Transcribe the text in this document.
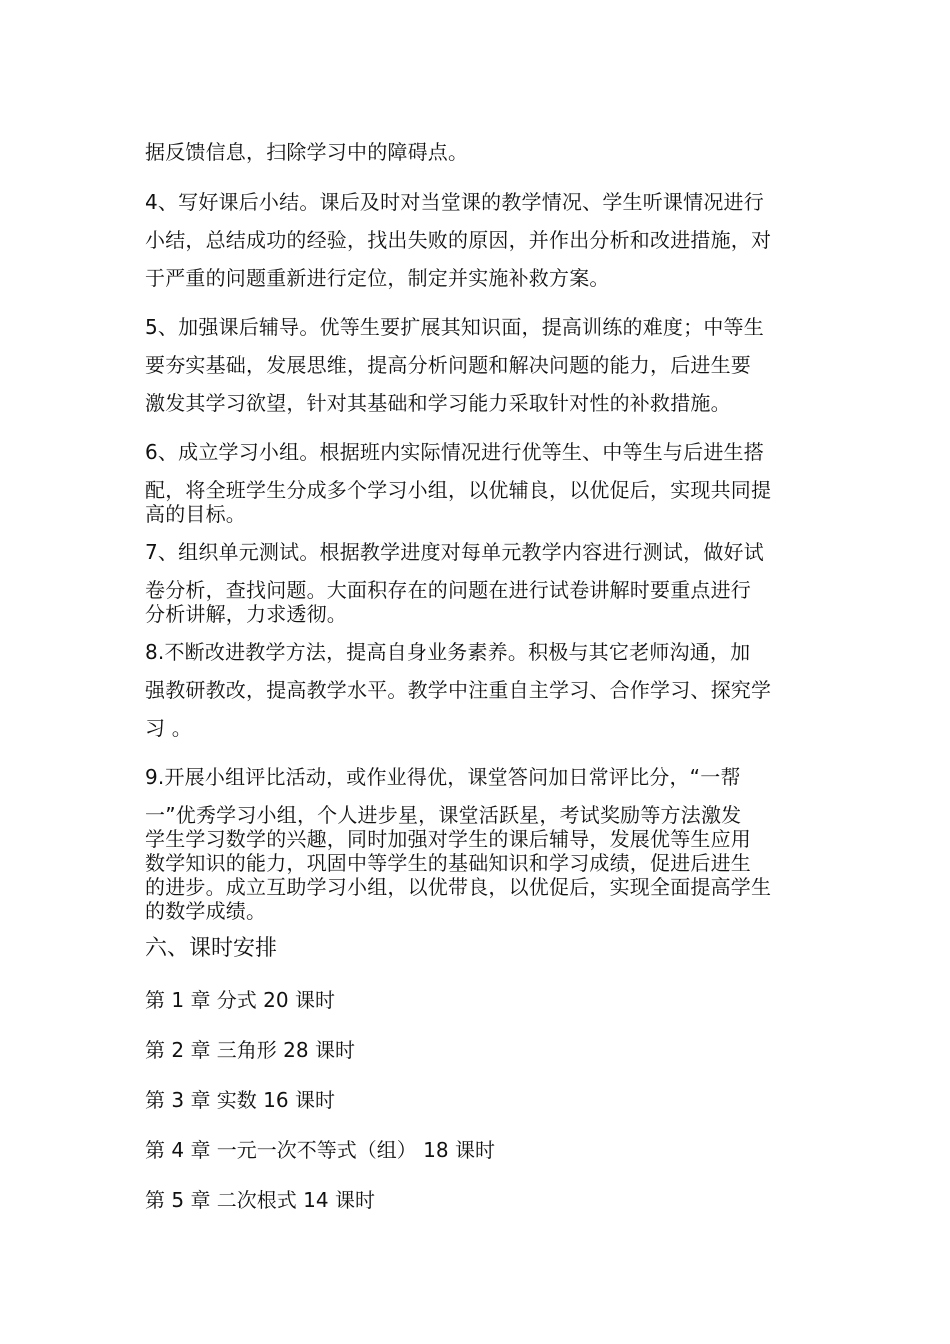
据反馈信息，扫除学习中的障碍点。
4、写好课后小结。课后及时对当堂课的教学情况、学生听课情况进行
小结，总结成功的经验，找出失败的原因，并作出分析和改进措施，对
于严重的问题重新进行定位，制定并实施补救方案。
5、加强课后辅导。优等生要扩展其知识面，提高训练的难度；中等生
要夯实基础，发展思维，提高分析问题和解决问题的能力，后进生要
激发其学习欲望，针对其基础和学习能力采取针对性的补救措施。
6、成立学习小组。根据班内实际情况进行优等生、中等生与后进生搭
配，将全班学生分成多个学习小组，以优辅良，以优促后，实现共同提
高的目标。
7、组织单元测试。根据教学进度对每单元教学内容进行测试，做好试
卷分析，查找问题。大面积存在的问题在进行试卷讲解时要重点进行
分析讲解，力求透彻。
8.不断改进教学方法，提高自身业务素养。积极与其它老师沟通，加
强教研教改，提高教学水平。教学中注重自主学习、合作学习、探究学
习 。
9.开展小组评比活动，或作业得优，课堂答问加日常评比分，“一帮
一”优秀学习小组，个人进步星，课堂活跃星，考试奖励等方法激发
学生学习数学的兴趣，同时加强对学生的课后辅导，发展优等生应用
数学知识的能力，巩固中等学生的基础知识和学习成绩，促进后进生
的进步。成立互助学习小组，以优带良，以优促后，实现全面提高学生
的数学成绩。
六、课时安排
第 1 章 分式 20 课时
第 2 章 三角形 28 课时
第 3 章 实数 16 课时
第 4 章 一元一次不等式（组） 18 课时
第 5 章 二次根式 14 课时
